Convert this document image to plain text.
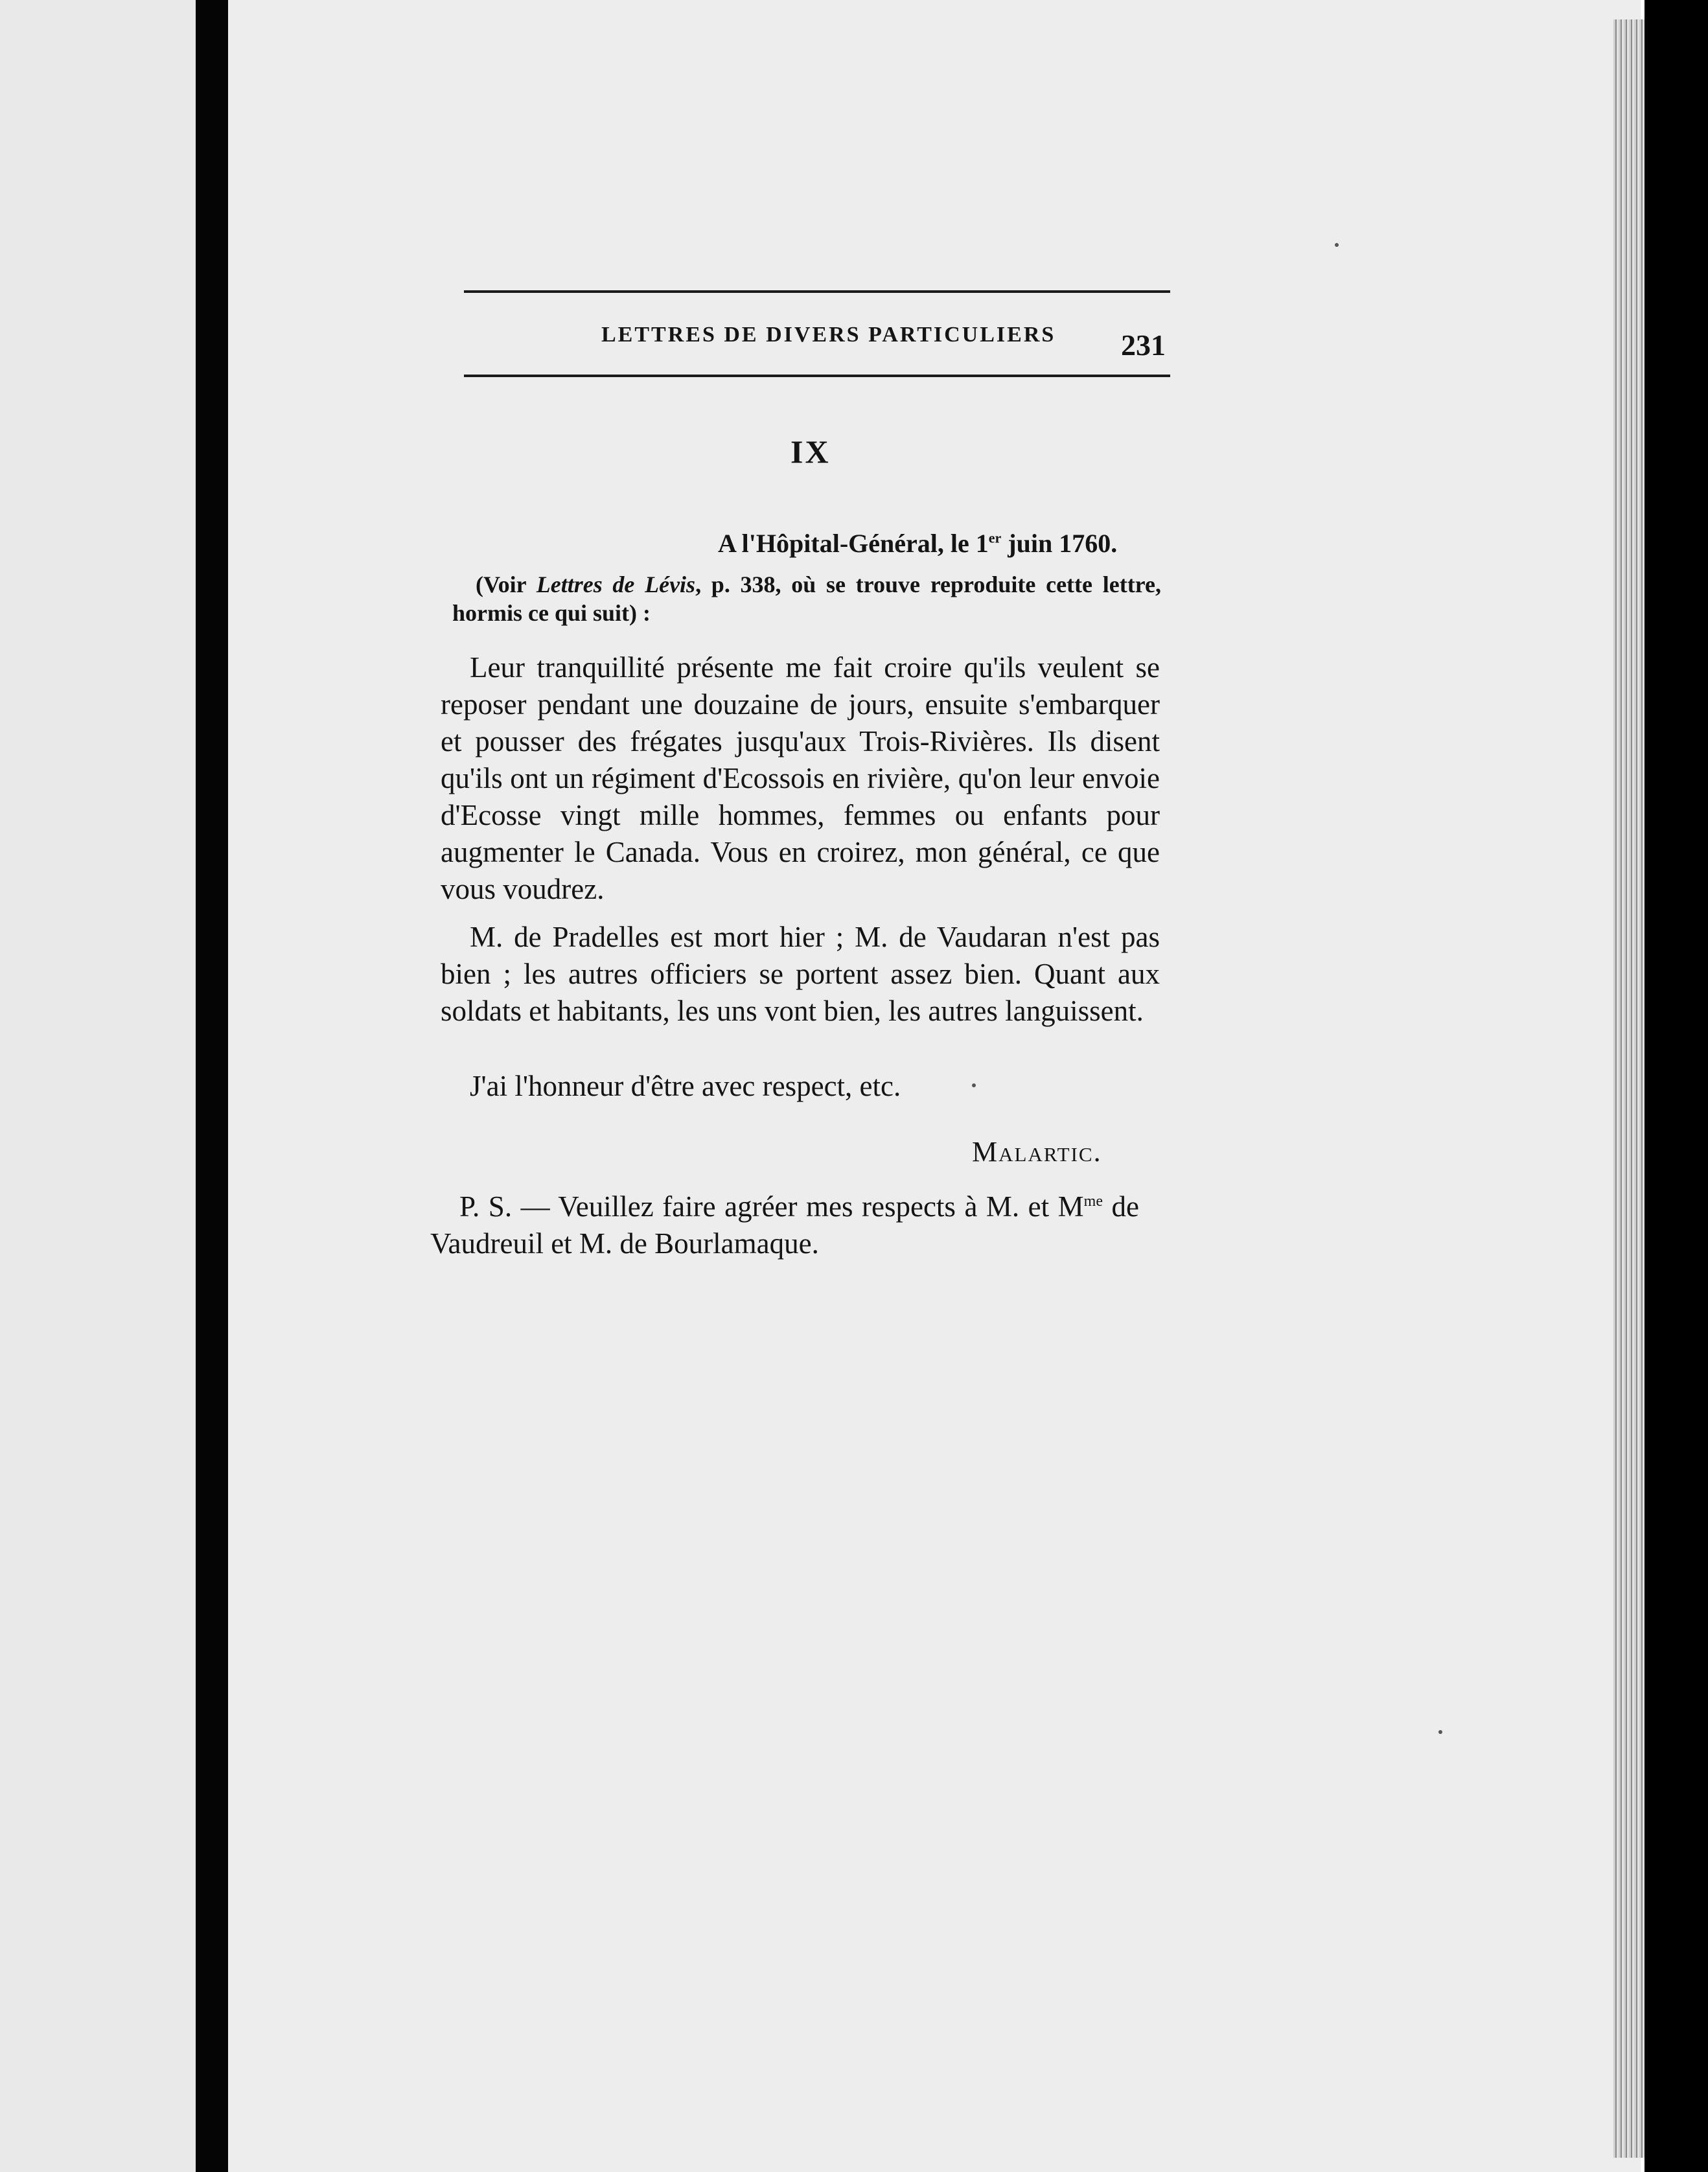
LETTRES DE DIVERS PARTICULIERS 231
IX
A l'Hôpital-Général, le 1er juin 1760.
(Voir Lettres de Lévis, p. 338, où se trouve reproduite cette lettre, hormis ce qui suit) :

Leur tranquillité présente me fait croire qu'ils veulent se reposer pendant une douzaine de jours, ensuite s'embarquer et pousser des frégates jusqu'aux Trois-Rivières. Ils disent qu'ils ont un régiment d'Ecossois en rivière, qu'on leur envoie d'Ecosse vingt mille hommes, femmes ou enfants pour augmenter le Canada. Vous en croirez, mon général, ce que vous voudrez.

M. de Pradelles est mort hier ; M. de Vaudaran n'est pas bien ; les autres officiers se portent assez bien. Quant aux soldats et habitants, les uns vont bien, les autres languissent.

J'ai l'honneur d'être avec respect, etc.

Malartic.

P. S. — Veuillez faire agréer mes respects à M. et $M^{me}$ de Vaudreuil et M. de Bourlamaque.
